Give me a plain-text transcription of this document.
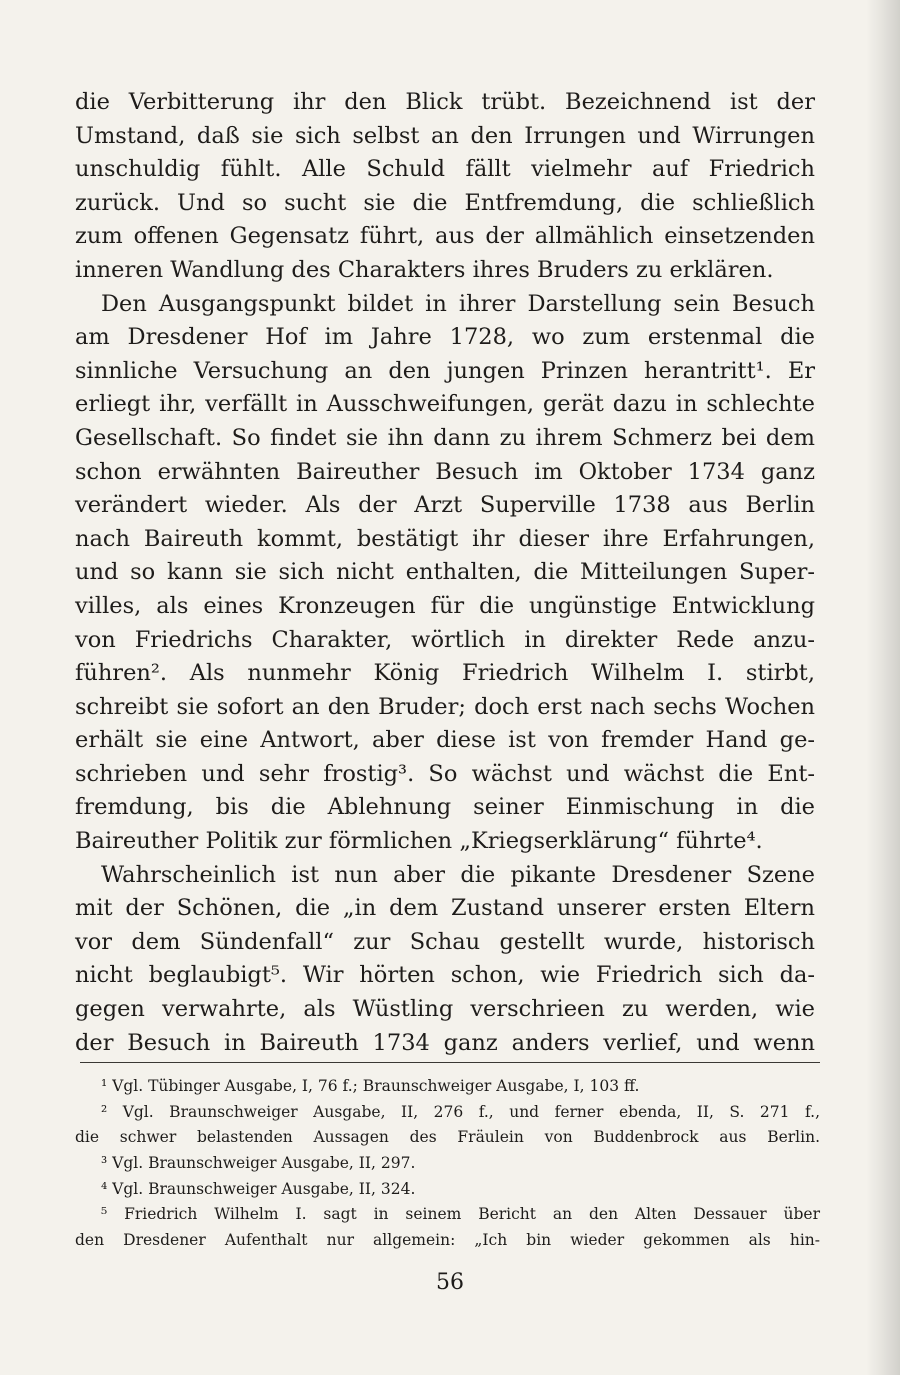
die Verbitterung ihr den Blick trübt. Bezeichnend ist der
Umstand, daß sie sich selbst an den Irrungen und Wirrungen
unschuldig fühlt. Alle Schuld fällt vielmehr auf Friedrich
zurück. Und so sucht sie die Entfremdung, die schließlich
zum offenen Gegensatz führt, aus der allmählich einsetzenden
inneren Wandlung des Charakters ihres Bruders zu erklären.
Den Ausgangspunkt bildet in ihrer Darstellung sein Besuch
am Dresdener Hof im Jahre 1728, wo zum erstenmal die
sinnliche Versuchung an den jungen Prinzen herantritt¹. Er
erliegt ihr, verfällt in Ausschweifungen, gerät dazu in schlechte
Gesellschaft. So findet sie ihn dann zu ihrem Schmerz bei dem
schon erwähnten Baireuther Besuch im Oktober 1734 ganz
verändert wieder. Als der Arzt Superville 1738 aus Berlin
nach Baireuth kommt, bestätigt ihr dieser ihre Erfahrungen,
und so kann sie sich nicht enthalten, die Mitteilungen Super-
villes, als eines Kronzeugen für die ungünstige Entwicklung
von Friedrichs Charakter, wörtlich in direkter Rede anzu-
führen². Als nunmehr König Friedrich Wilhelm I. stirbt,
schreibt sie sofort an den Bruder; doch erst nach sechs Wochen
erhält sie eine Antwort, aber diese ist von fremder Hand ge-
schrieben und sehr frostig³. So wächst und wächst die Ent-
fremdung, bis die Ablehnung seiner Einmischung in die
Baireuther Politik zur förmlichen „Kriegserklärung“ führte⁴.
Wahrscheinlich ist nun aber die pikante Dresdener Szene
mit der Schönen, die „in dem Zustand unserer ersten Eltern
vor dem Sündenfall“ zur Schau gestellt wurde, historisch
nicht beglaubigt⁵. Wir hörten schon, wie Friedrich sich da-
gegen verwahrte, als Wüstling verschrieen zu werden, wie
der Besuch in Baireuth 1734 ganz anders verlief, und wenn
¹ Vgl. Tübinger Ausgabe, I, 76 f.; Braunschweiger Ausgabe, I, 103 ff.
² Vgl. Braunschweiger Ausgabe, II, 276 f., und ferner ebenda, II, S. 271 f.,
die schwer belastenden Aussagen des Fräulein von Buddenbrock aus Berlin.
³ Vgl. Braunschweiger Ausgabe, II, 297.
⁴ Vgl. Braunschweiger Ausgabe, II, 324.
⁵ Friedrich Wilhelm I. sagt in seinem Bericht an den Alten Dessauer über
den Dresdener Aufenthalt nur allgemein: „Ich bin wieder gekommen als hin-
56
